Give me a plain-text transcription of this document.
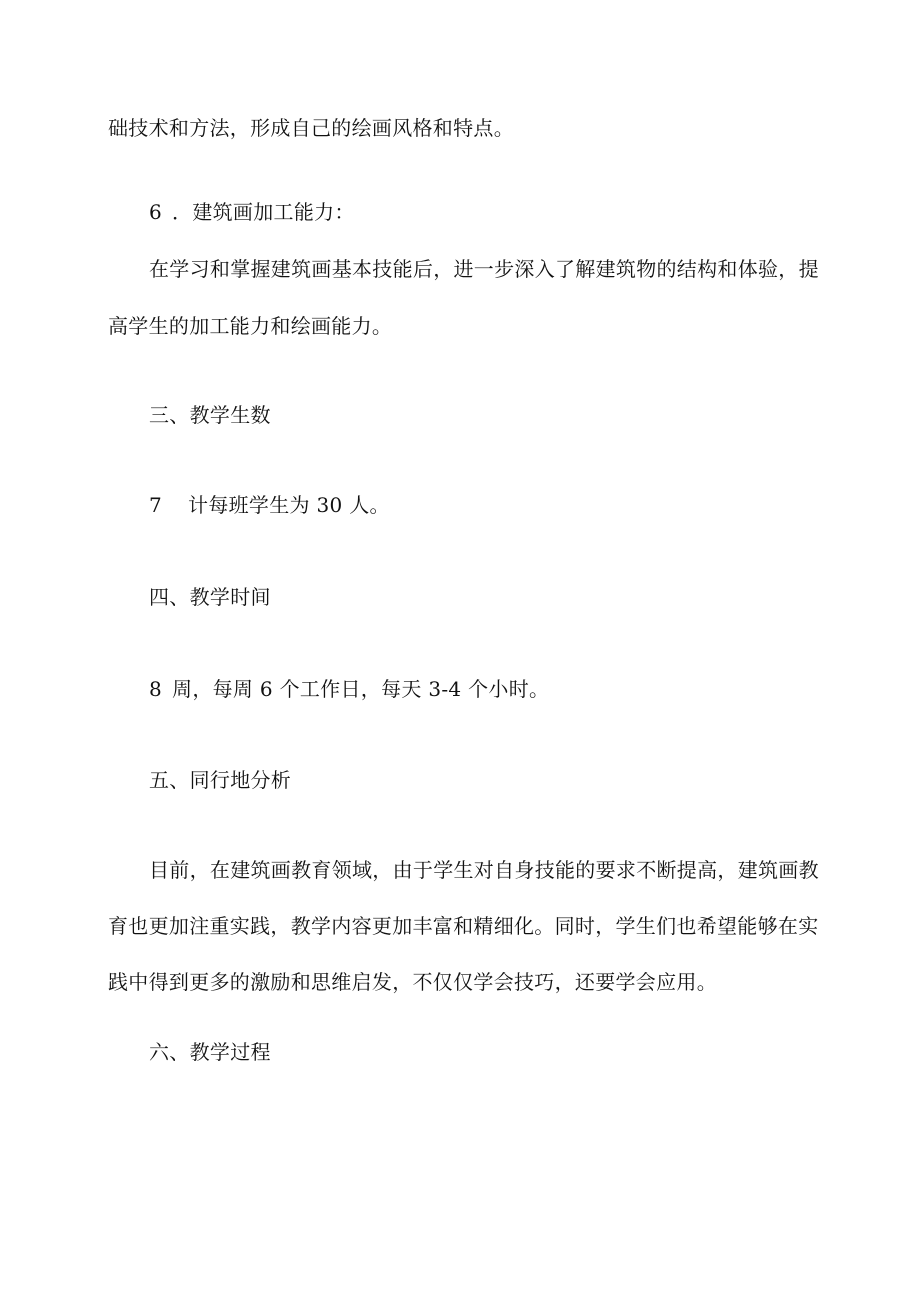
础技术和方法，形成自己的绘画风格和特点。
6 ．建筑画加工能力：
在学习和掌握建筑画基本技能后，进一步深入了解建筑物的结构和体验，提
高学生的加工能力和绘画能力。
三、教学生数
7 计每班学生为 30 人。
四、教学时间
8 周，每周 6 个工作日，每天 3-4 个小时。
五、同行地分析
目前，在建筑画教育领域，由于学生对自身技能的要求不断提高，建筑画教
育也更加注重实践，教学内容更加丰富和精细化。同时，学生们也希望能够在实
践中得到更多的激励和思维启发，不仅仅学会技巧，还要学会应用。
六、教学过程
